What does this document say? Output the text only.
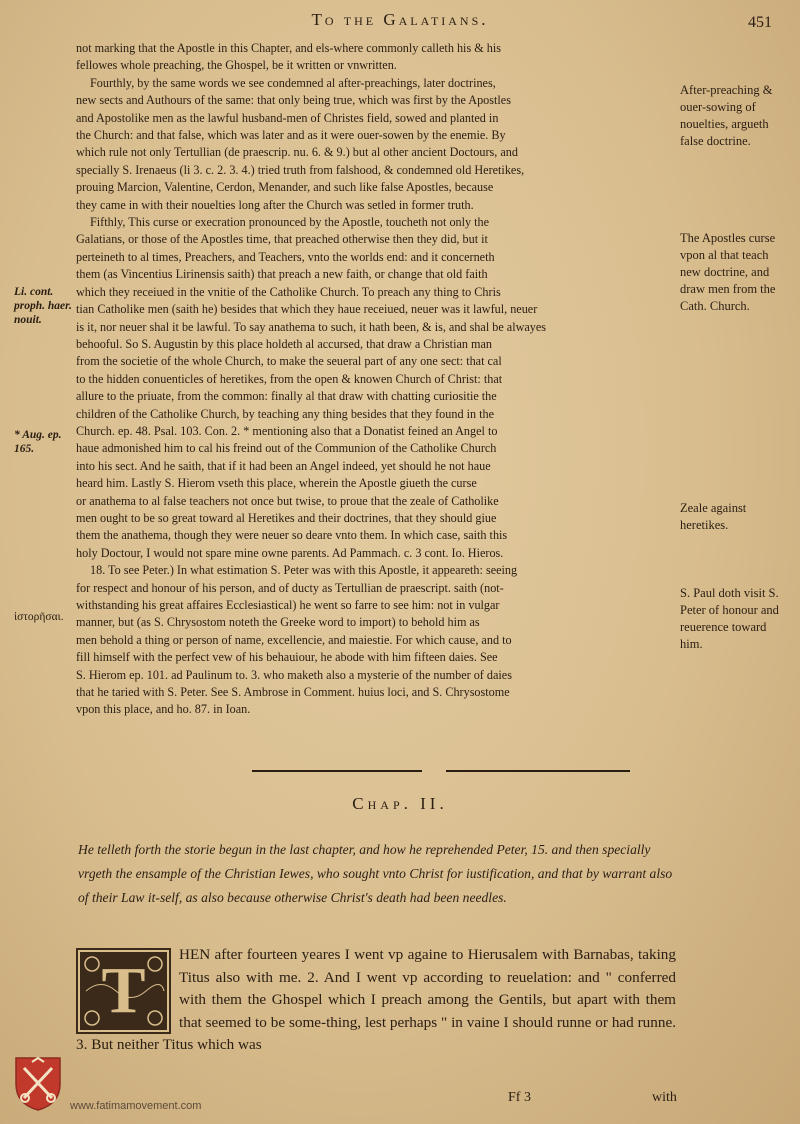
To the Galatians.	451

not marking that the Apostle in this Chapter, and els-where commonly calleth his & his

fellowes whole preaching, the Ghospel, be it written or vnwritten.

Fourthly, by the same words we see condemned al after-preachings, later doctrines,

new sects and Authours of the same: that only being true, which was first by the Apostles

and Apostolike men as the lawful husband-men of Christes field, sowed and planted in

the Church: and that false, which was later and as it were ouer-sowen by the enemie. By

which rule not only Tertullian (de praescrip. nu. 6. & 9.) but al other ancient Doctours, and

specially S. Irenaeus (li 3. c. 2. 3. 4.) tried truth from falshood, & condemned old Heretikes,

prouing Marcion, Valentine, Cerdon, Menander, and such like false Apostles, because

they came in with their nouelties long after the Church was setled in former truth.

Fifthly, This curse or execration pronounced by the Apostle, toucheth not only the

Galatians, or those of the Apostles time, that preached otherwise then they did, but it

perteineth to al times, Preachers, and Teachers, vnto the worlds end: and it concerneth

them (as Vincentius Lirinensis saith) that preach a new faith, or change that old faith

which they receiued in the vnitie of the Catholike Church. To preach any thing to Chris

tian Catholike men (saith he) besides that which they haue receiued, neuer was it lawful, neuer

is it, nor neuer shal it be lawful. To say anathema to such, it hath been, & is, and shal be alwayes

behooful. So S. Augustin by this place holdeth al accursed, that draw a Christian man

from the societie of the whole Church, to make the seueral part of any one sect: that cal

to the hidden conuenticles of heretikes, from the open & knowen Church of Christ: that

allure to the priuate, from the common: finally al that draw with chatting curiositie the

children of the Catholike Church, by teaching any thing besides that they found in the

Church. ep. 48. Psal. 103. Con. 2. * mentioning also that a Donatist feined an Angel to

haue admonished him to cal his freind out of the Communion of the Catholike Church

into his sect. And he saith, that if it had been an Angel indeed, yet should he not haue

heard him. Lastly S. Hierom vseth this place, wherein the Apostle giueth the curse

or anathema to al false teachers not once but twise, to proue that the zeale of Catholike

men ought to be so great toward al Heretikes and their doctrines, that they should giue

them the anathema, though they were neuer so deare vnto them. In which case, saith this

holy Doctour, I would not spare mine owne parents. Ad Pammach. c. 3 cont. Io. Hieros.

18. To see Peter.) In what estimation S. Peter was with this Apostle, it appeareth: seeing

for respect and honour of his person, and of ducty as Tertullian de praescript. saith (not-

withstanding his great affaires Ecclesiastical) he went so farre to see him: not in vulgar

manner, but (as S. Chrysostom noteth the Greeke word to import) to behold him as

men behold a thing or person of name, excellencie, and maiestie. For which cause, and to

fill himself with the perfect vew of his behauiour, he abode with him fifteen daies. See

S. Hierom ep. 101. ad Paulinum to. 3. who maketh also a mysterie of the number of daies

that he taried with S. Peter. See S. Ambrose in Comment. huius loci, and S. Chrysostome

vpon this place, and ho. 87. in Ioan.

After-preaching & ouer-sowing of nouelties, argueth false doctrine.
The Apostles curse vpon al that teach new doctrine, and draw men from the Cath. Church.
Zeale against heretikes.
S. Paul doth visit S. Peter of honour and reuerence toward him.
Li. cont. proph. haer. nouit.
* Aug. ep. 165.
ἱστορῆσαι.
Chap. II.
He telleth forth the storie begun in the last chapter, and how he reprehended Peter, 15. and then specially vrgeth the ensample of the Christian Iewes, who sought vnto Christ for iustification, and that by warrant also of their Law it-self, as also because otherwise Christ's death had been needles.
T	HEN after fourteen yeares I went vp againe to Hierusalem with Barnabas, taking Titus also with me. 2. And I went vp according to reuelation: and " conferred with them the Ghospel which I preach among the Gentils, but apart with them that seemed to be some-thing, lest perhaps " in vaine I should runne or had runne. 3. But neither Titus which was

Ff 3	with
www.fatimamovement.com
